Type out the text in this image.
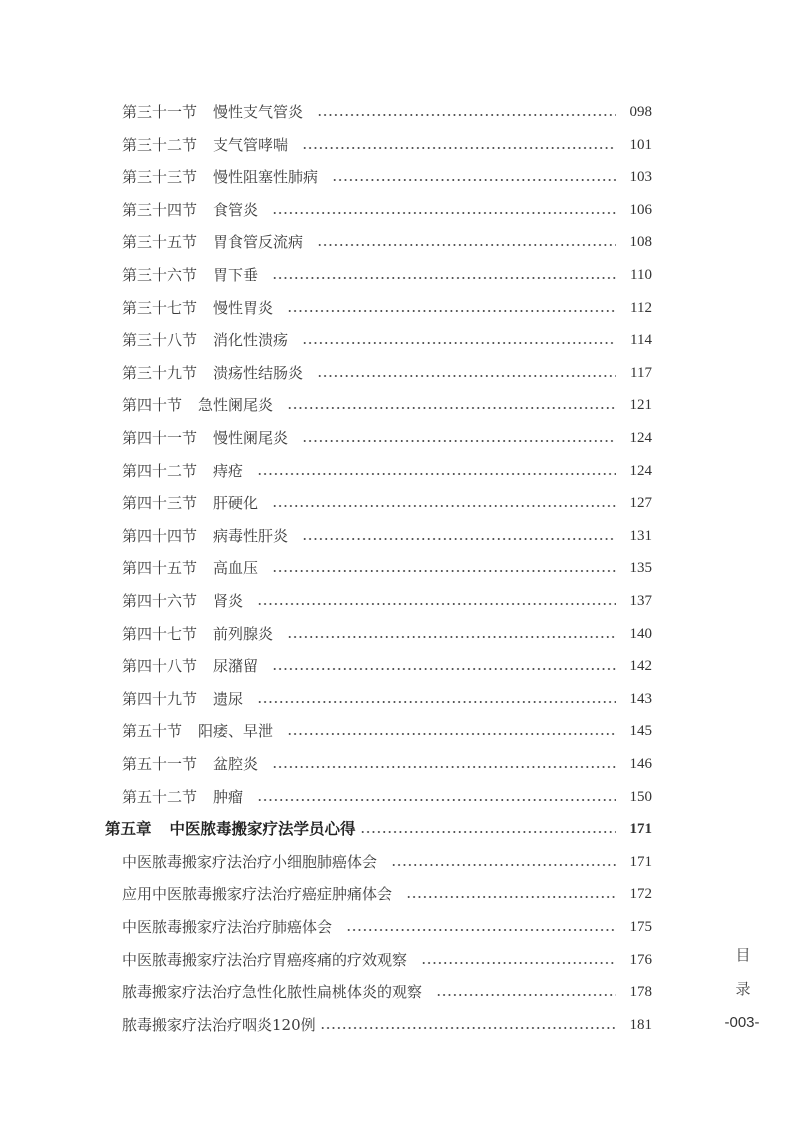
第三十一节 慢性支气管炎	098
第三十二节 支气管哮喘	101
第三十三节 慢性阻塞性肺病	103
第三十四节 食管炎	106
第三十五节 胃食管反流病	108
第三十六节 胃下垂	110
第三十七节 慢性胃炎	112
第三十八节 消化性溃疡	114
第三十九节 溃疡性结肠炎	117
第四十节 急性阑尾炎	121
第四十一节 慢性阑尾炎	124
第四十二节 痔疮	124
第四十三节 肝硬化	127
第四十四节 病毒性肝炎	131
第四十五节 高血压	135
第四十六节 肾炎	137
第四十七节 前列腺炎	140
第四十八节 尿潴留	142
第四十九节 遗尿	143
第五十节 阳痿、早泄	145
第五十一节 盆腔炎	146
第五十二节 肿瘤	150
第五章 中医脓毒搬家疗法学员心得	171
中医脓毒搬家疗法治疗小细胞肺癌体会	171
应用中医脓毒搬家疗法治疗癌症肿痛体会	172
中医脓毒搬家疗法治疗肺癌体会	175
中医脓毒搬家疗法治疗胃癌疼痛的疗效观察	176
脓毒搬家疗法治疗急性化脓性扁桃体炎的观察	178
脓毒搬家疗法治疗咽炎120例	181
目
录
-003-
